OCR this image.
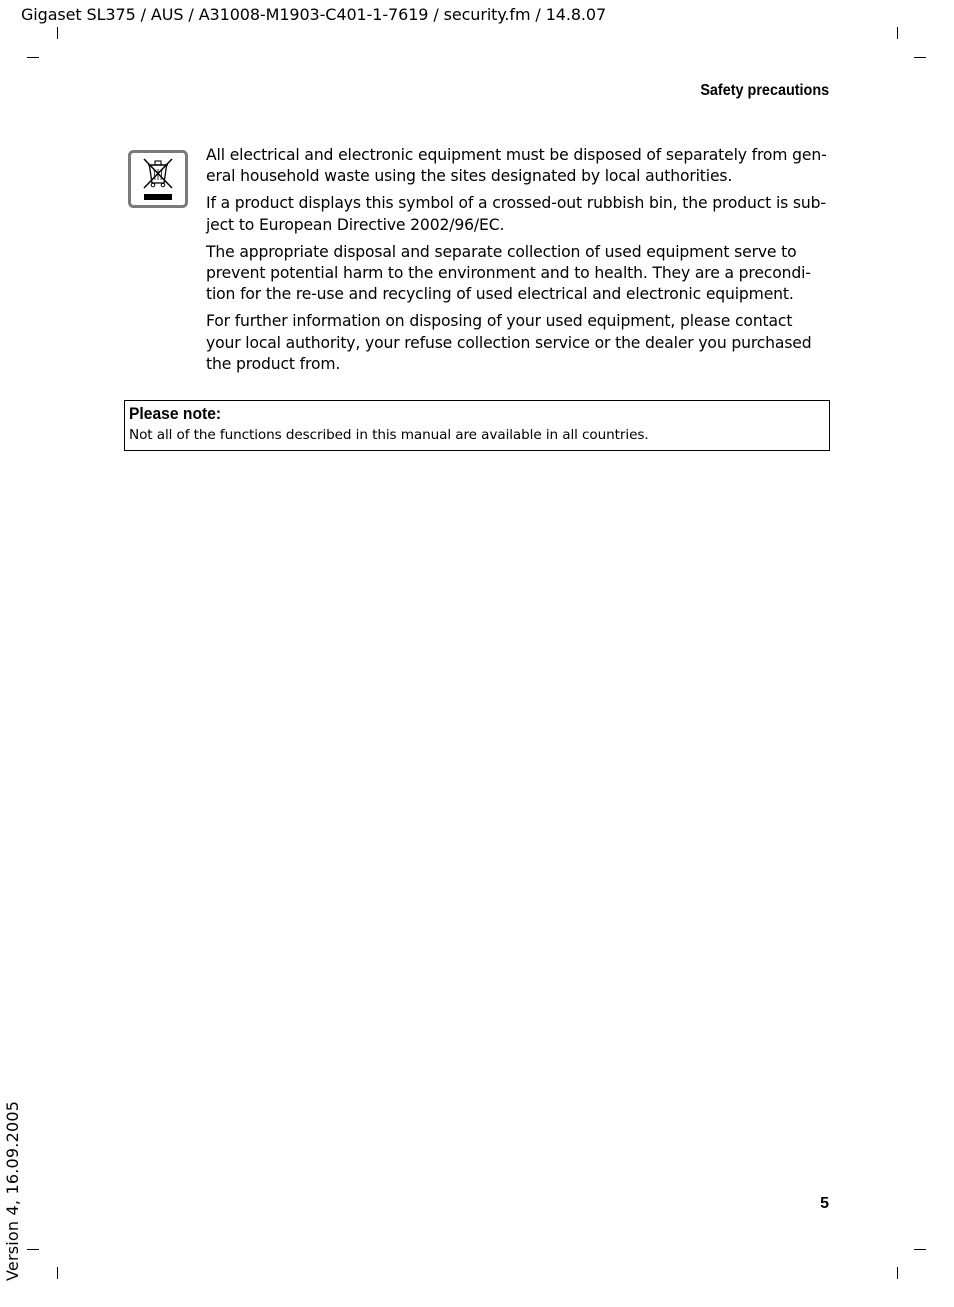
Gigaset SL375 / AUS / A31008-M1903-C401-1-7619 / security.fm / 14.8.07
Safety precautions

All electrical and electronic equipment must be disposed of separately from gen-
eral household waste using the sites designated by local authorities.

If a product displays this symbol of a crossed-out rubbish bin, the product is sub-
ject to European Directive 2002/96/EC.

The appropriate disposal and separate collection of used equipment serve to
prevent potential harm to the environment and to health. They are a precondi-
tion for the re-use and recycling of used electrical and electronic equipment.

For further information on disposing of your used equipment, please contact
your local authority, your refuse collection service or the dealer you purchased
the product from.

Please note:
Not all of the functions described in this manual are available in all countries.
Version 4, 16.09.2005	5
